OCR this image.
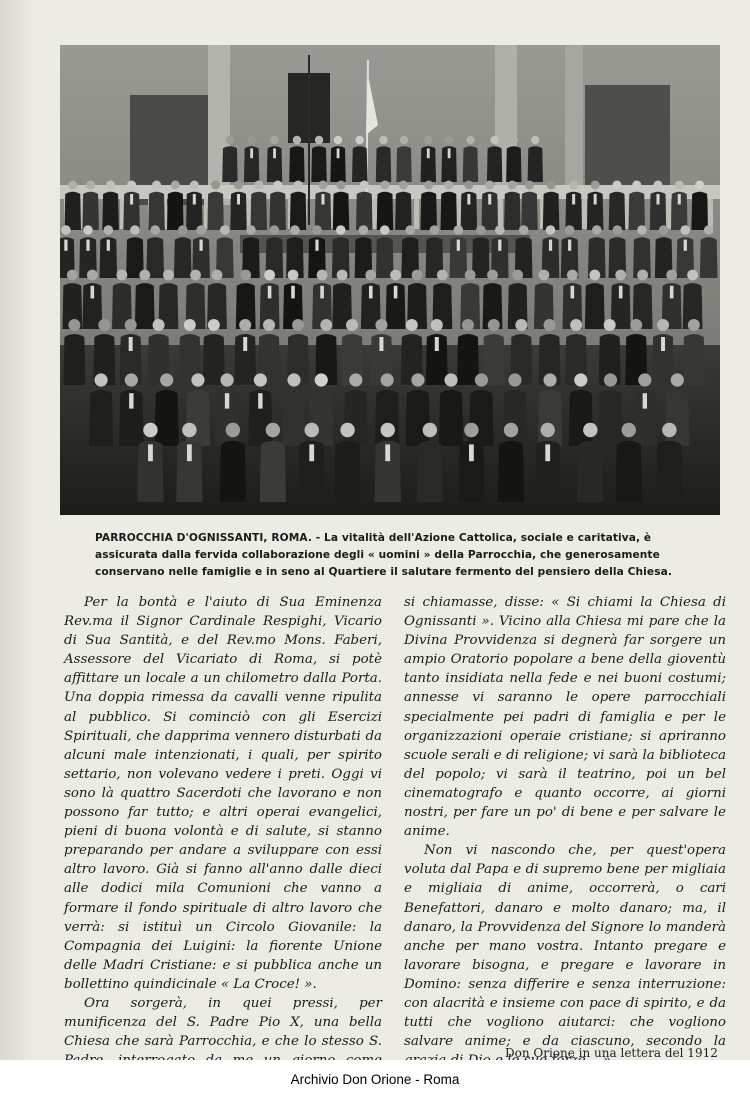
PARROCCHIA D'OGNISSANTI, ROMA. - La vitalità dell'Azione Cattolica, sociale e caritativa, è assicurata dalla fervida collaborazione degli « uomini » della Parrocchia, che generosamente conservano nelle famiglie e in seno al Quartiere il salutare fermento del pensiero della Chiesa.

Per la bontà e l'aiuto di Sua Eminenza Rev.ma il Signor Cardinale Respighi, Vicario di Sua Santità, e del Rev.mo Mons. Faberi, Assessore del Vicariato di Roma, si potè affittare un locale a un chilometro dalla Porta. Una doppia rimessa da cavalli venne ripulita al pubblico. Si cominciò con gli Esercizi Spirituali, che dapprima vennero disturbati da alcuni male intenzionati, i quali, per spirito settario, non volevano vedere i preti. Oggi vi sono là quattro Sacerdoti che lavorano e non possono far tutto; e altri operai evangelici, pieni di buona volontà e di salute, si stanno preparando per andare a sviluppare con essi altro lavoro. Già si fanno all'anno dalle dieci alle dodici mila Comunioni che vanno a formare il fondo spirituale di altro lavoro che verrà: si istituì un Circolo Giovanile: la Compagnia dei Luigini: la fiorente Unione delle Madri Cristiane: e si pubblica anche un bollettino quindicinale « La Croce! ».

Ora sorgerà, in quei pressi, per munificenza del S. Padre Pio X, una bella Chiesa che sarà Parrocchia, e che lo stesso S.

si chiamasse, disse: « Si chiami la Chiesa di Ognissanti ». Vicino alla Chiesa mi pare che la Divina Provvidenza si degnerà far sorgere un ampio Oratorio popolare a bene della gioventù tanto insidiata nella fede e nei buoni costumi; annesse vi saranno le opere parrocchiali specialmente pei padri di famiglia e per le organizzazioni operaie cristiane; si apriranno scuole serali e di religione; vi sarà la biblioteca del popolo; vi sarà il teatrino, poi un bel cinematografo e quanto occorre, ai giorni nostri, per fare un po' di bene e per salvare le anime.

Non vi nascondo che, per quest'opera voluta dal Papa e di supremo bene per migliaia e migliaia di anime, occorrerà, o cari Benefattori, danaro e molto danaro; ma, il danaro, la Provvidenza del Signore lo manderà anche per mano vostra. Intanto pregare e lavorare bisogna, e pregare e lavorare in Domino: senza differire e senza interruzione: con alacrità e insieme con pace di spirito, e da tutti che vogliono aiutarci: che vogliono salvare anime; e da ciascuno, secondo la

Don Orione in una lettera del 1912
Archivio Don Orione - Roma
